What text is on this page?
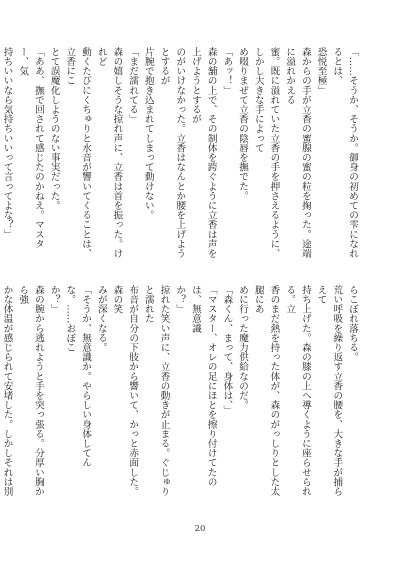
「……そうか、そうか。御身の初めての雫になれるとは、

恐悦至極」

森からの手が立香の蜜腺の蜜の粒を掬った。途端に溢れかえる

蜜。既に溢れていた立香の手を押さえるように、しかし大きな手によって

め啜りまぜて立香の陰唇を撫でた。

「あッ！」

森の舗の上で、その制体を跨ぐように立香は声を上げようとするが

のがいけなかった。立香はなんとか腰を上げようとするが

片腕で抱き込まれてしまって動けない。

「まだ濡れてる」

森の嬉しそうな掠れ声に、立香は首を振った。けれど

動くたびにくちゅりと水音が響いてくることは、立香にこ

とて誤魔化しようのない事実だった。

「ああ、撫で回されて感じたのかねえ。マスター、気

持ちいいなら気持ちいいって言ってよな？」

らこぼれ落ちる。

荒い呼吸を繰り返す立香の腰を、大きな手が捕らえて

持ち上げた。森の膝の上へ導くように座らせられる。立

香のまだ熱を持った体が、森のがっしりとした太腿にあ

めに行った魔力供給なのだ。

「森くん、まって、身体は、」

「マスター、オレの足にほとを擦り付けてたのは、無意識

か？」

掠れた笑い声に、立香の動きが止まる。ぐじゅりと濡れた

布音が自分の下肢から響いて、かっと赤面した。森の笑

みが深くなる。

「そうか、無意識か。やらしい身体してんな。……おぼこ

か？」

森の腕から逃れようと手を突っ張る。分厚い胸から強

かな体温が感じられて安堵した。しかしそれは別

20
